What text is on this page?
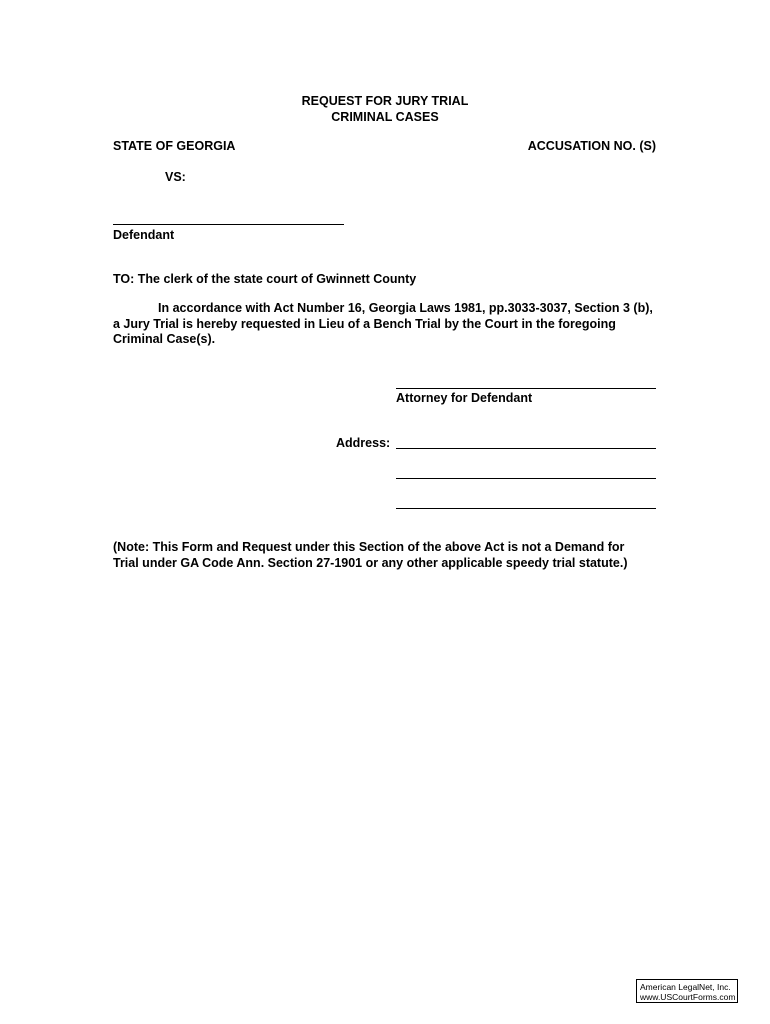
REQUEST FOR JURY TRIAL
CRIMINAL CASES
STATE OF GEORGIA	ACCUSATION NO. (S)
VS:
Defendant
TO: The clerk of the state court of Gwinnett County
In accordance with Act Number 16, Georgia Laws 1981, pp.3033-3037, Section 3 (b), a Jury Trial is hereby requested in Lieu of a Bench Trial by the Court in the foregoing Criminal Case(s).
Attorney for Defendant
Address:
(Note: This Form and Request under this Section of the above Act is not a Demand for Trial under GA Code Ann. Section 27-1901 or any other applicable speedy trial statute.)
American LegalNet, Inc.
www.USCourtForms.com
